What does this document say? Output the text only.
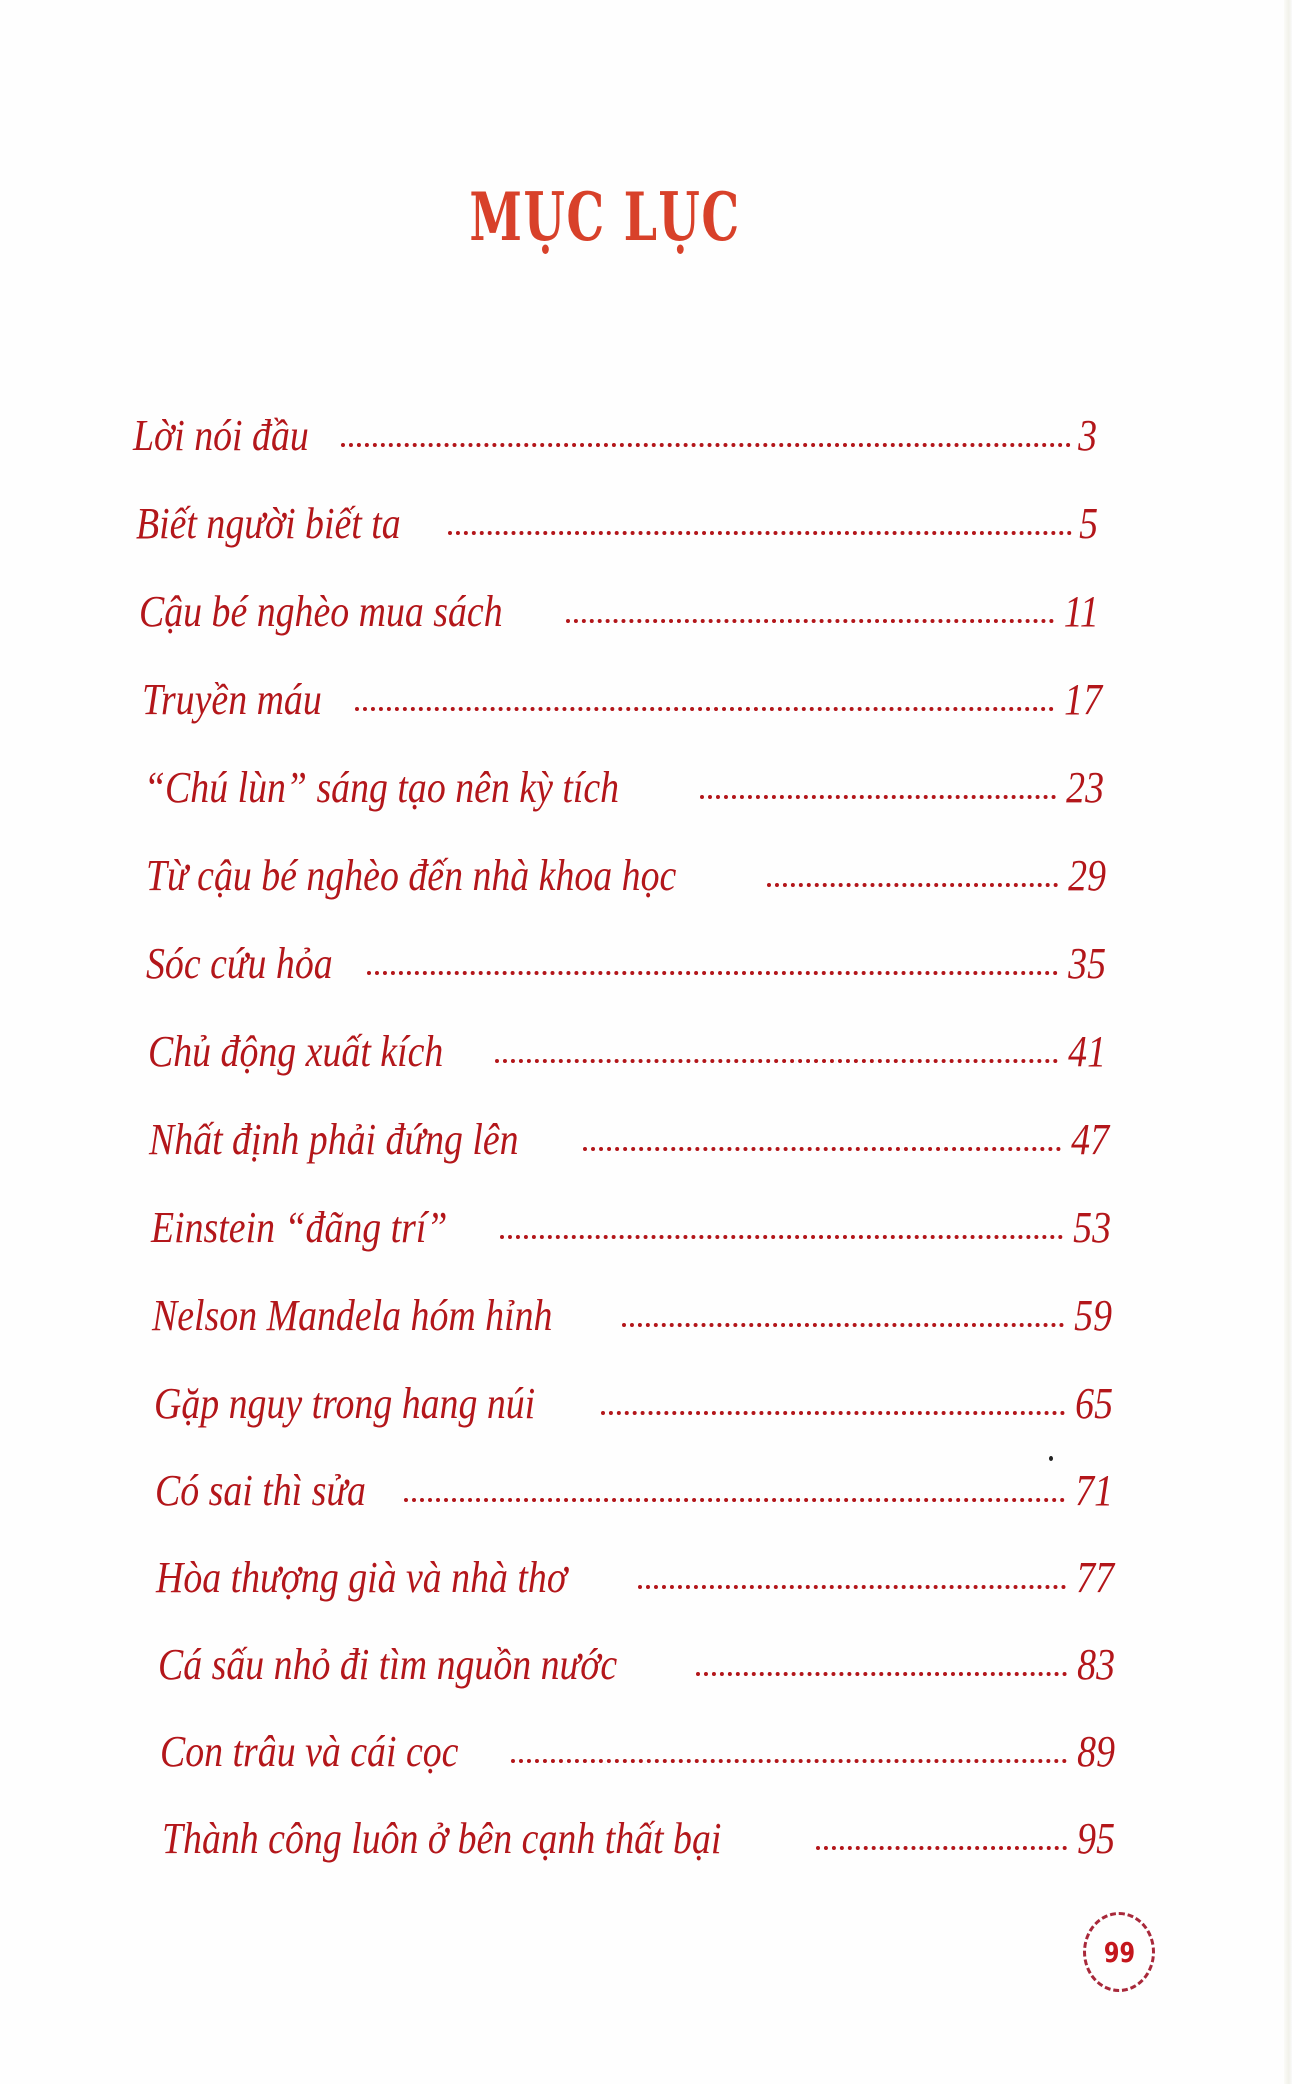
MỤC LỤC
Lời nói đầu	3
Biết người biết ta	5
Cậu bé nghèo mua sách	11
Truyền máu	17
“Chú lùn” sáng tạo nên kỳ tích	23
Từ cậu bé nghèo đến nhà khoa học	29
Sóc cứu hỏa	35
Chủ động xuất kích	41
Nhất định phải đứng lên	47
Einstein “đãng trí”	53
Nelson Mandela hóm hỉnh	59
Gặp nguy trong hang núi	65
Có sai thì sửa	71
Hòa thượng già và nhà thơ	77
Cá sấu nhỏ đi tìm nguồn nước	83
Con trâu và cái cọc	89
Thành công luôn ở bên cạnh thất bại	95
99
